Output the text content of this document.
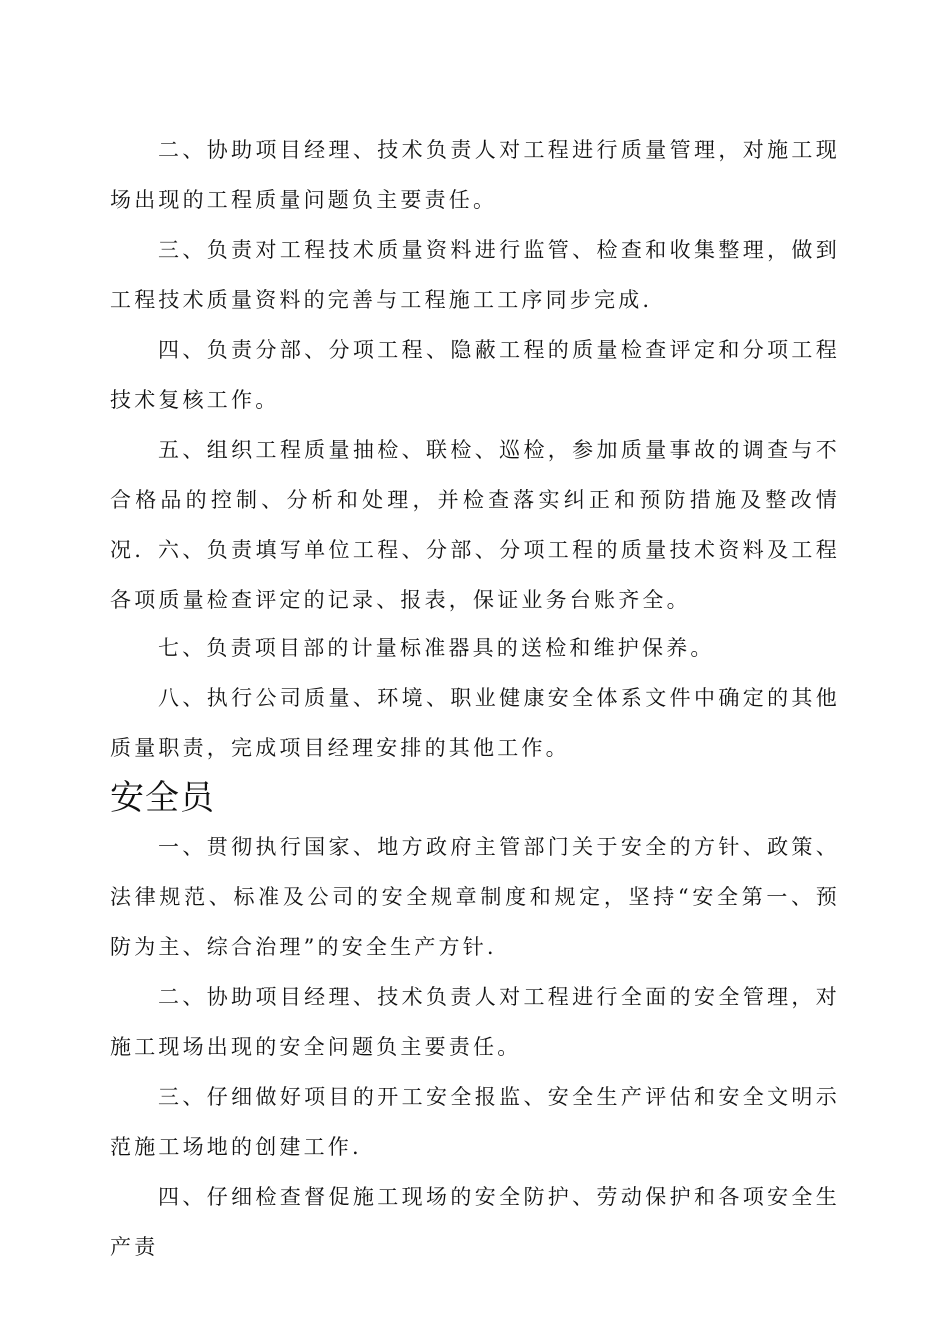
二、协助项目经理、技术负责人对工程进行质量管理，对施工现场出现的工程质量问题负主要责任。

三、负责对工程技术质量资料进行监管、检查和收集整理，做到工程技术质量资料的完善与工程施工工序同步完成.

四、负责分部、分项工程、隐蔽工程的质量检查评定和分项工程技术复核工作。

五、组织工程质量抽检、联检、巡检，参加质量事故的调查与不合格品的控制、分析和处理，并检查落实纠正和预防措施及整改情况. 六、负责填写单位工程、分部、分项工程的质量技术资料及工程各项质量检查评定的记录、报表，保证业务台账齐全。

七、负责项目部的计量标准器具的送检和维护保养。

八、执行公司质量、环境、职业健康安全体系文件中确定的其他质量职责，完成项目经理安排的其他工作。

安全员

一、贯彻执行国家、地方政府主管部门关于安全的方针、政策、法律规范、标准及公司的安全规章制度和规定，坚持“安全第一、预防为主、综合治理”的安全生产方针.

二、协助项目经理、技术负责人对工程进行全面的安全管理，对施工现场出现的安全问题负主要责任。

三、仔细做好项目的开工安全报监、安全生产评估和安全文明示范施工场地的创建工作.

四、仔细检查督促施工现场的安全防护、劳动保护和各项安全生产责
